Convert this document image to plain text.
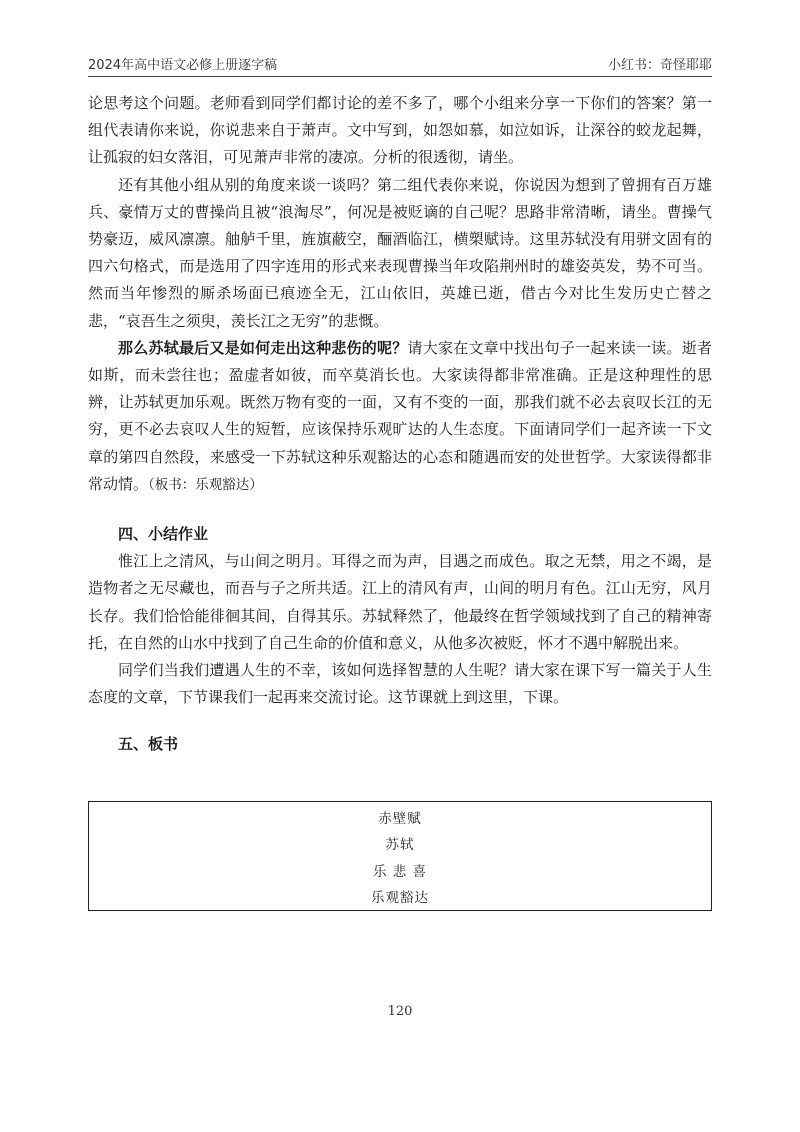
2024年高中语文必修上册逐字稿	小红书：奇怪耶耶

论思考这个问题。老师看到同学们都讨论的差不多了，哪个小组来分享一下你们的答案？第一组代表请你来说，你说悲来自于萧声。文中写到，如怨如慕，如泣如诉，让深谷的蛟龙起舞，让孤寂的妇女落泪，可见萧声非常的凄凉。分析的很透彻，请坐。

还有其他小组从别的角度来谈一谈吗？第二组代表你来说，你说因为想到了曾拥有百万雄兵、豪情万丈的曹操尚且被“浪淘尽”，何况是被贬谪的自己呢？思路非常清晰，请坐。曹操气势豪迈，威风凛凛。舳舻千里，旌旗蔽空，酾酒临江，横槊赋诗。这里苏轼没有用骈文固有的四六句格式，而是选用了四字连用的形式来表现曹操当年攻陷荆州时的雄姿英发，势不可当。然而当年惨烈的厮杀场面已痕迹全无，江山依旧，英雄已逝，借古今对比生发历史亡替之悲，“哀吾生之须臾，羡长江之无穷”的悲慨。

那么苏轼最后又是如何走出这种悲伤的呢？请大家在文章中找出句子一起来读一读。逝者如斯，而未尝往也；盈虚者如彼，而卒莫消长也。大家读得都非常准确。正是这种理性的思辨，让苏轼更加乐观。既然万物有变的一面，又有不变的一面，那我们就不必去哀叹长江的无穷，更不必去哀叹人生的短暂，应该保持乐观旷达的人生态度。下面请同学们一起齐读一下文章的第四自然段，来感受一下苏轼这种乐观豁达的心态和随遇而安的处世哲学。大家读得都非常动情。（板书：乐观豁达）

四、小结作业

惟江上之清风，与山间之明月。耳得之而为声，目遇之而成色。取之无禁，用之不竭，是造物者之无尽藏也，而吾与子之所共适。江上的清风有声，山间的明月有色。江山无穷，风月长存。我们恰恰能徘徊其间，自得其乐。苏轼释然了，他最终在哲学领域找到了自己的精神寄托，在自然的山水中找到了自己生命的价值和意义，从他多次被贬，怀才不遇中解脱出来。

同学们当我们遭遇人生的不幸，该如何选择智慧的人生呢？请大家在课下写一篇关于人生态度的文章，下节课我们一起再来交流讨论。这节课就上到这里，下课。

五、板书

赤壁赋
苏轼
乐 悲 喜
乐观豁达
120
